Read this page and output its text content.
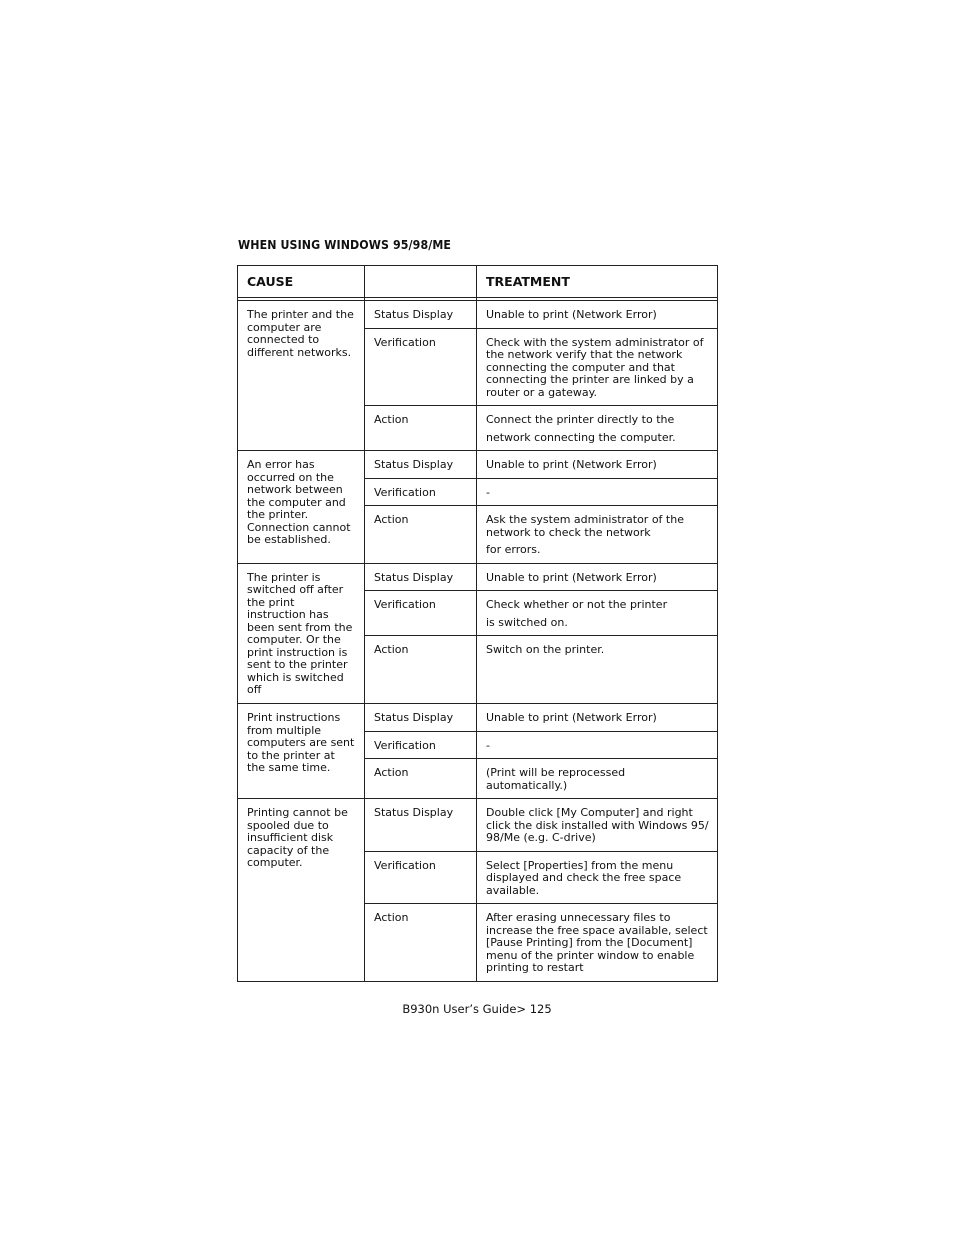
WHEN USING WINDOWS 95/98/ME
CAUSE		TREATMENT

The printer and the computer are connected to different networks.	Status Display	Unable to print (Network Error)
	Verification	Check with the system administrator of the network verify that the network connecting the computer and that connecting the printer are linked by a router or a gateway.
	Action	Connect the printer directly to the
network connecting the computer.

An error has occurred on the network between the computer and the printer. Connection cannot be established.	Status Display	Unable to print (Network Error)
	Verification	-
	Action	Ask the system administrator of the network to check the network
for errors.

The printer is switched off after the print instruction has been sent from the computer. Or the print instruction is sent to the printer which is switched off	Status Display	Unable to print (Network Error)
	Verification	Check whether or not the printer
is switched on.

	Action	Switch on the printer.
Print instructions from multiple computers are sent to the printer at the same time.	Status Display	Unable to print (Network Error)
	Verification	-
	Action	(Print will be reprocessed automatically.)
Printing cannot be spooled due to insufficient disk capacity of the computer.	Status Display	Double click [My Computer] and right click the disk installed with Windows 95/ 98/Me (e.g. C-drive)
	Verification	Select [Properties] from the menu displayed and check the free space available.
	Action	After erasing unnecessary files to increase the free space available, select [Pause Printing] from the [Document] menu of the printer window to enable printing to restart
B930n User’s Guide> 125
